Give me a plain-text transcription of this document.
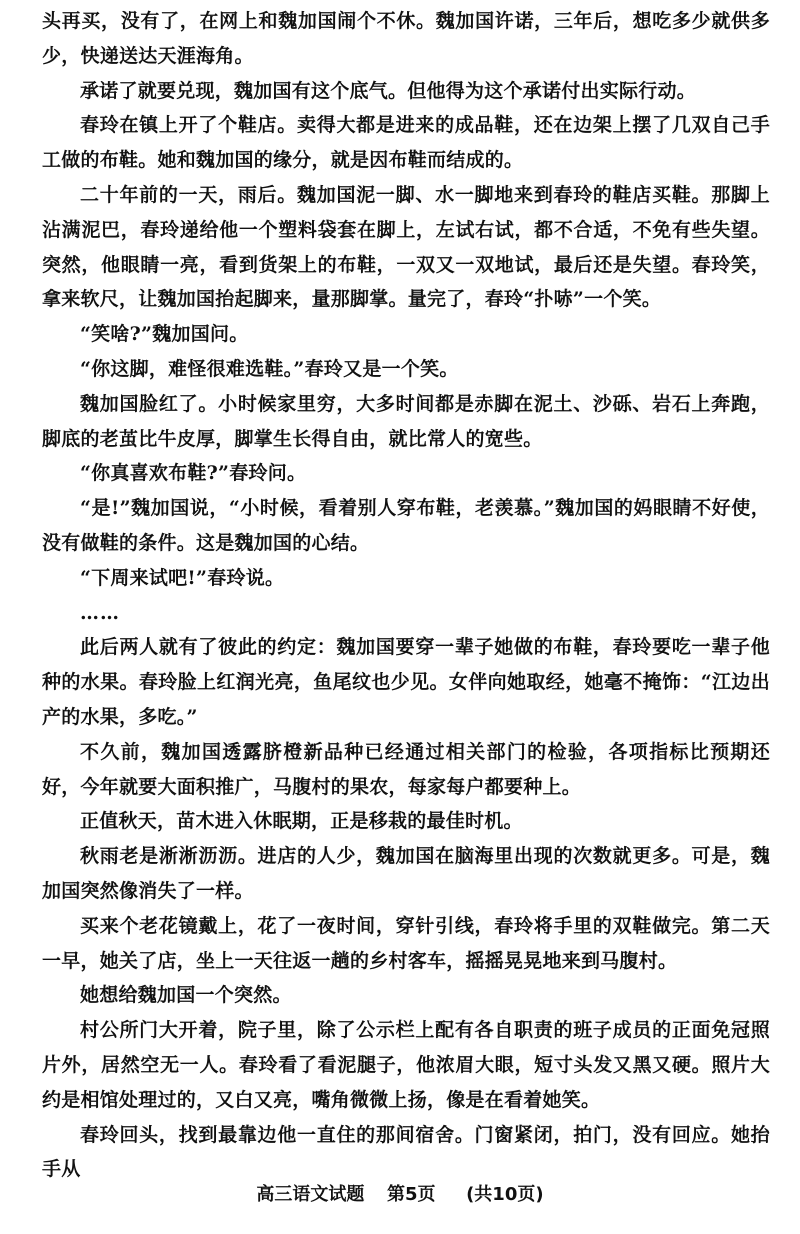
头再买，没有了，在网上和魏加国闹个不休。魏加国许诺，三年后，想吃多少就供多少，快递送达天涯海角。

承诺了就要兑现，魏加国有这个底气。但他得为这个承诺付出实际行动。

春玲在镇上开了个鞋店。卖得大都是进来的成品鞋，还在边架上摆了几双自己手工做的布鞋。她和魏加国的缘分，就是因布鞋而结成的。

二十年前的一天，雨后。魏加国泥一脚、水一脚地来到春玲的鞋店买鞋。那脚上沾满泥巴，春玲递给他一个塑料袋套在脚上，左试右试，都不合适，不免有些失望。突然，他眼睛一亮，看到货架上的布鞋，一双又一双地试，最后还是失望。春玲笑，拿来软尺，让魏加国抬起脚来，量那脚掌。量完了，春玲“扑哧”一个笑。

“笑啥?”魏加国问。

“你这脚，难怪很难选鞋。”春玲又是一个笑。

魏加国脸红了。小时候家里穷，大多时间都是赤脚在泥土、沙砾、岩石上奔跑，脚底的老茧比牛皮厚，脚掌生长得自由，就比常人的宽些。

“你真喜欢布鞋?”春玲问。

“是!”魏加国说，“小时候，看着别人穿布鞋，老羡慕。”魏加国的妈眼睛不好使，没有做鞋的条件。这是魏加国的心结。

“下周来试吧!”春玲说。

……

此后两人就有了彼此的约定：魏加国要穿一辈子她做的布鞋，春玲要吃一辈子他种的水果。春玲脸上红润光亮，鱼尾纹也少见。女伴向她取经，她毫不掩饰：“江边出产的水果，多吃。”

不久前，魏加国透露脐橙新品种已经通过相关部门的检验，各项指标比预期还好，今年就要大面积推广，马腹村的果农，每家每户都要种上。

正值秋天，苗木进入休眠期，正是移栽的最佳时机。

秋雨老是淅淅沥沥。进店的人少，魏加国在脑海里出现的次数就更多。可是，魏加国突然像消失了一样。

买来个老花镜戴上，花了一夜时间，穿针引线，春玲将手里的双鞋做完。第二天一早，她关了店，坐上一天往返一趟的乡村客车，摇摇晃晃地来到马腹村。

她想给魏加国一个突然。

村公所门大开着，院子里，除了公示栏上配有各自职责的班子成员的正面免冠照片外，居然空无一人。春玲看了看泥腿子，他浓眉大眼，短寸头发又黑又硬。照片大约是相馆处理过的，又白又亮，嘴角微微上扬，像是在看着她笑。

春玲回头，找到最靠边他一直住的那间宿舍。门窗紧闭，拍门，没有回应。她抬手从

高三语文试题 第5页 (共10页)
